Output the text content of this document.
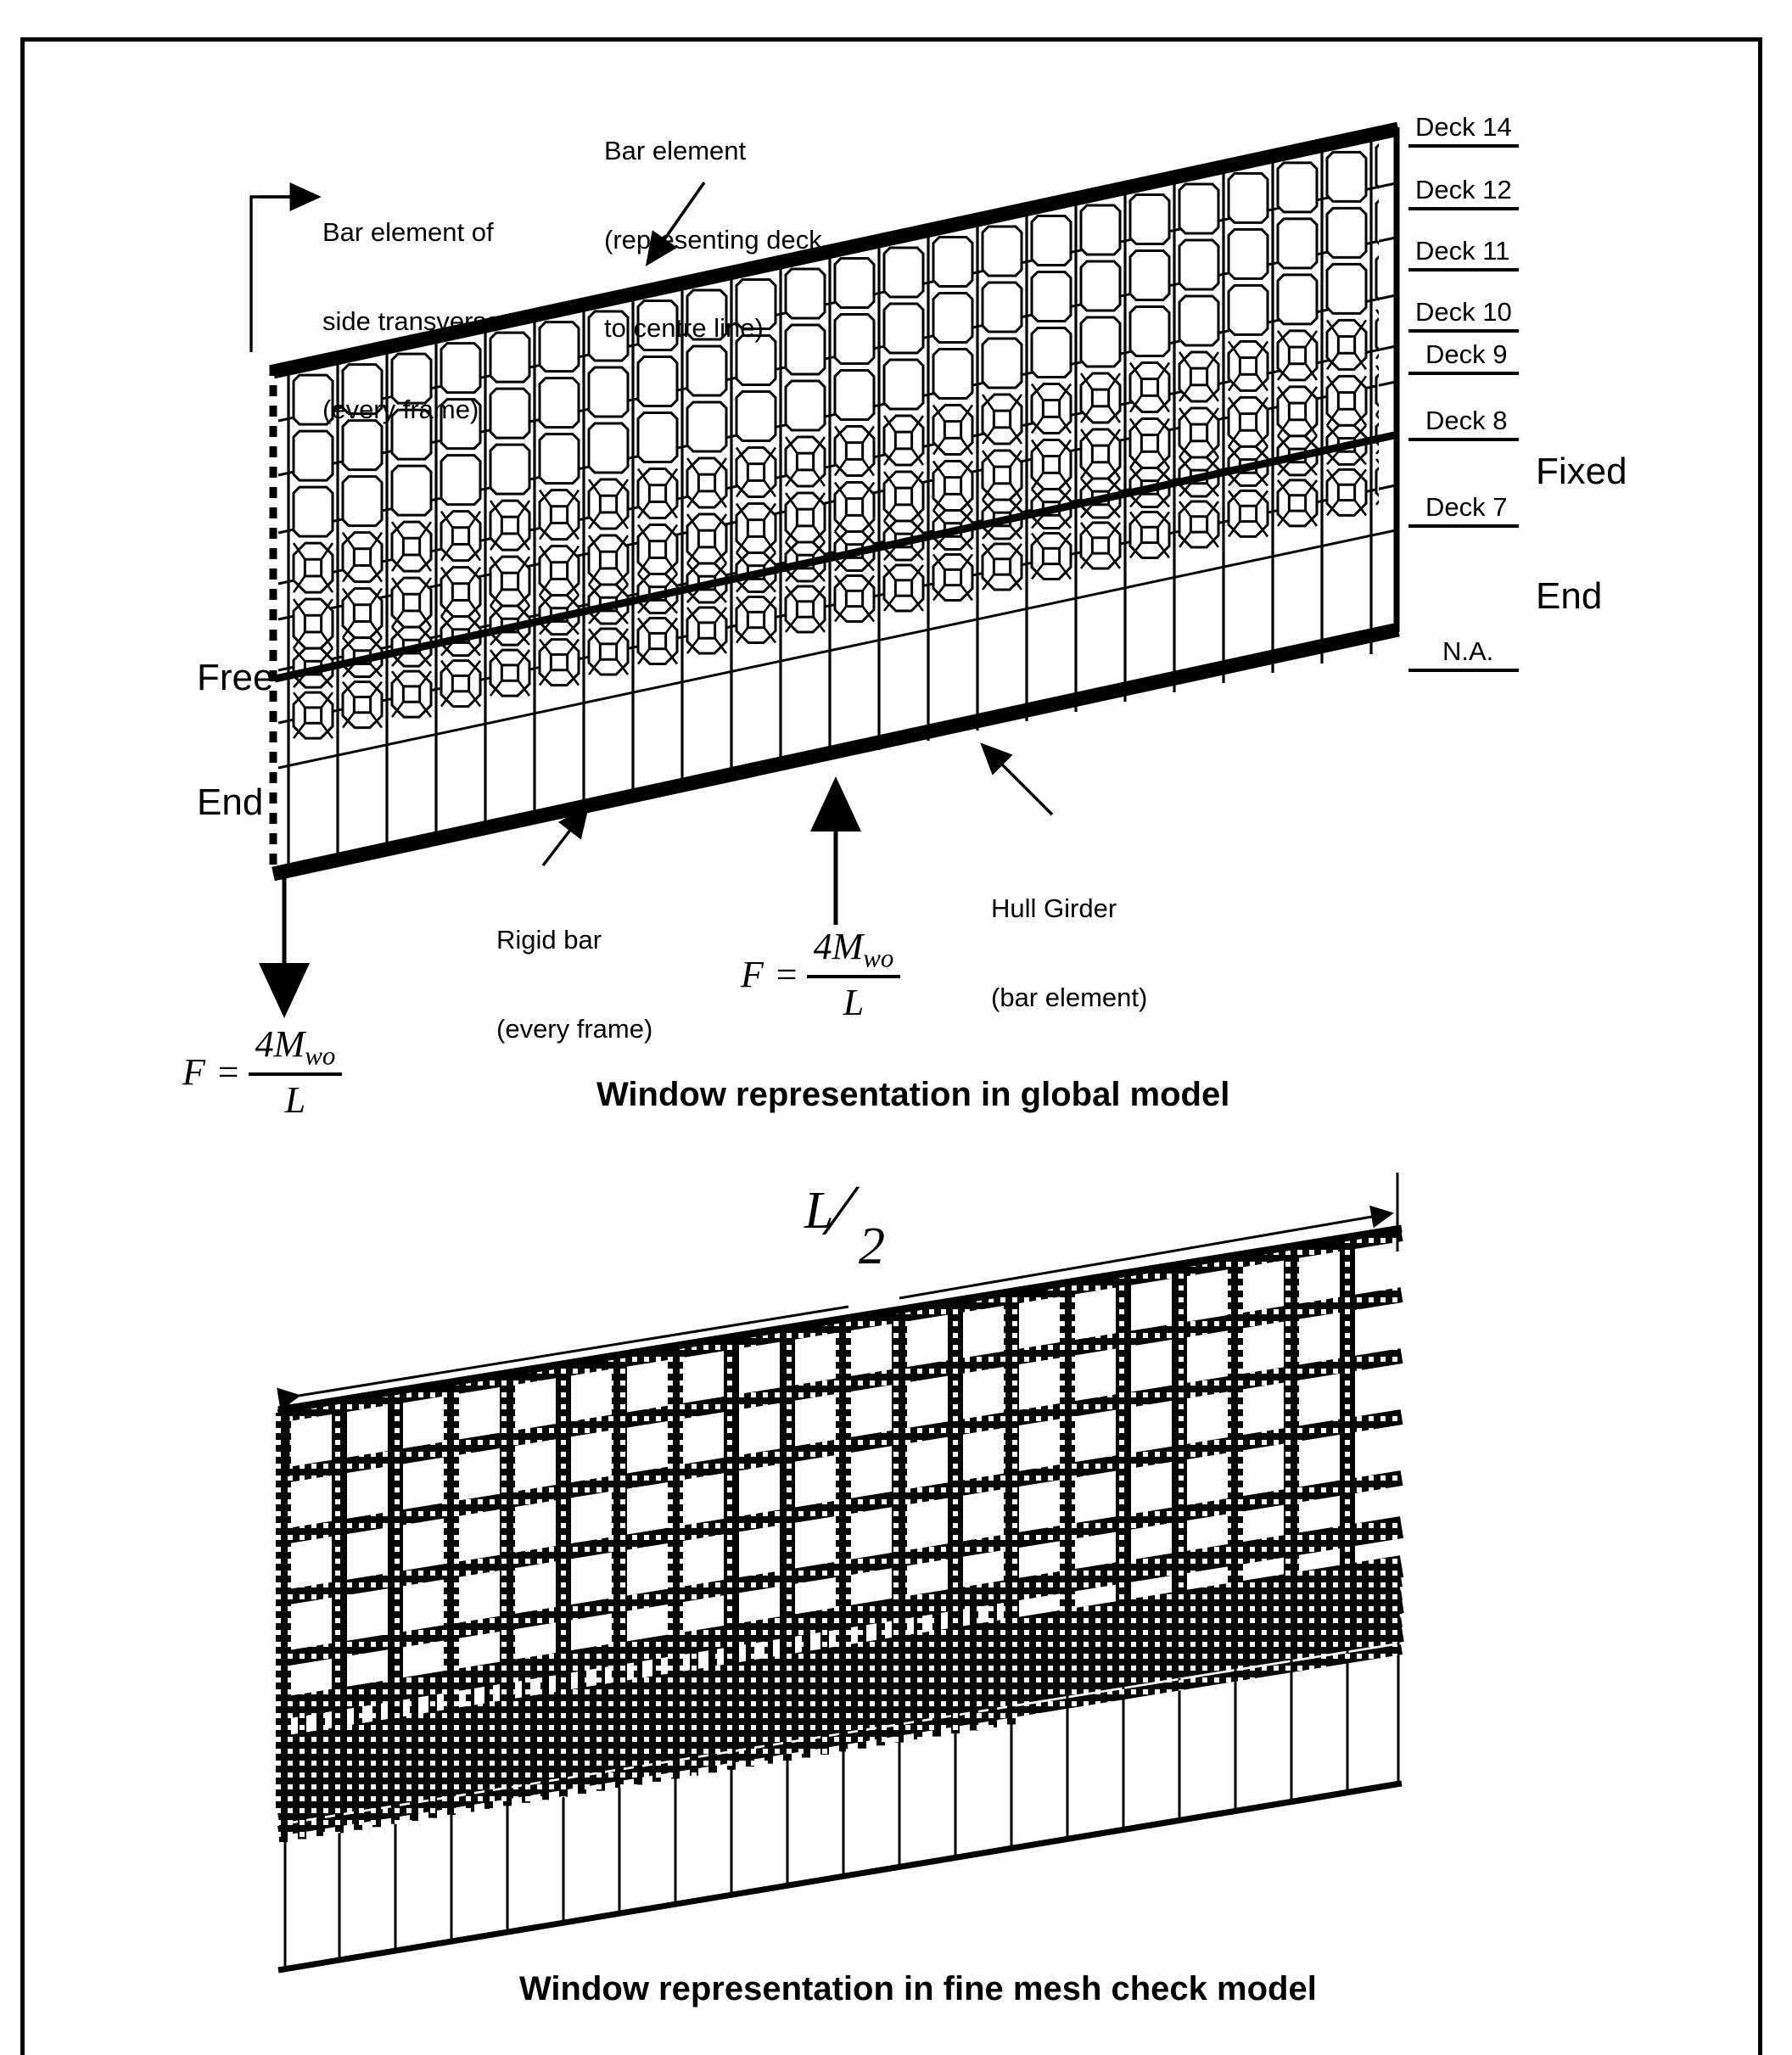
Bar element of

side transverse

(every frame)

Bar element

(representing deck

to centre line)

Rigid bar

(every frame)

Hull Girder

(bar element)

Free

End

Fixed

End

Deck 14
Deck 12
Deck 11
Deck 10
Deck 9
Deck 8
Deck 7
N.A.
F =
$4M_{wo}$
L
F =
$4M_{wo}$
L
Window representation in global model
L ⁄ 2
Window representation in fine mesh check model
